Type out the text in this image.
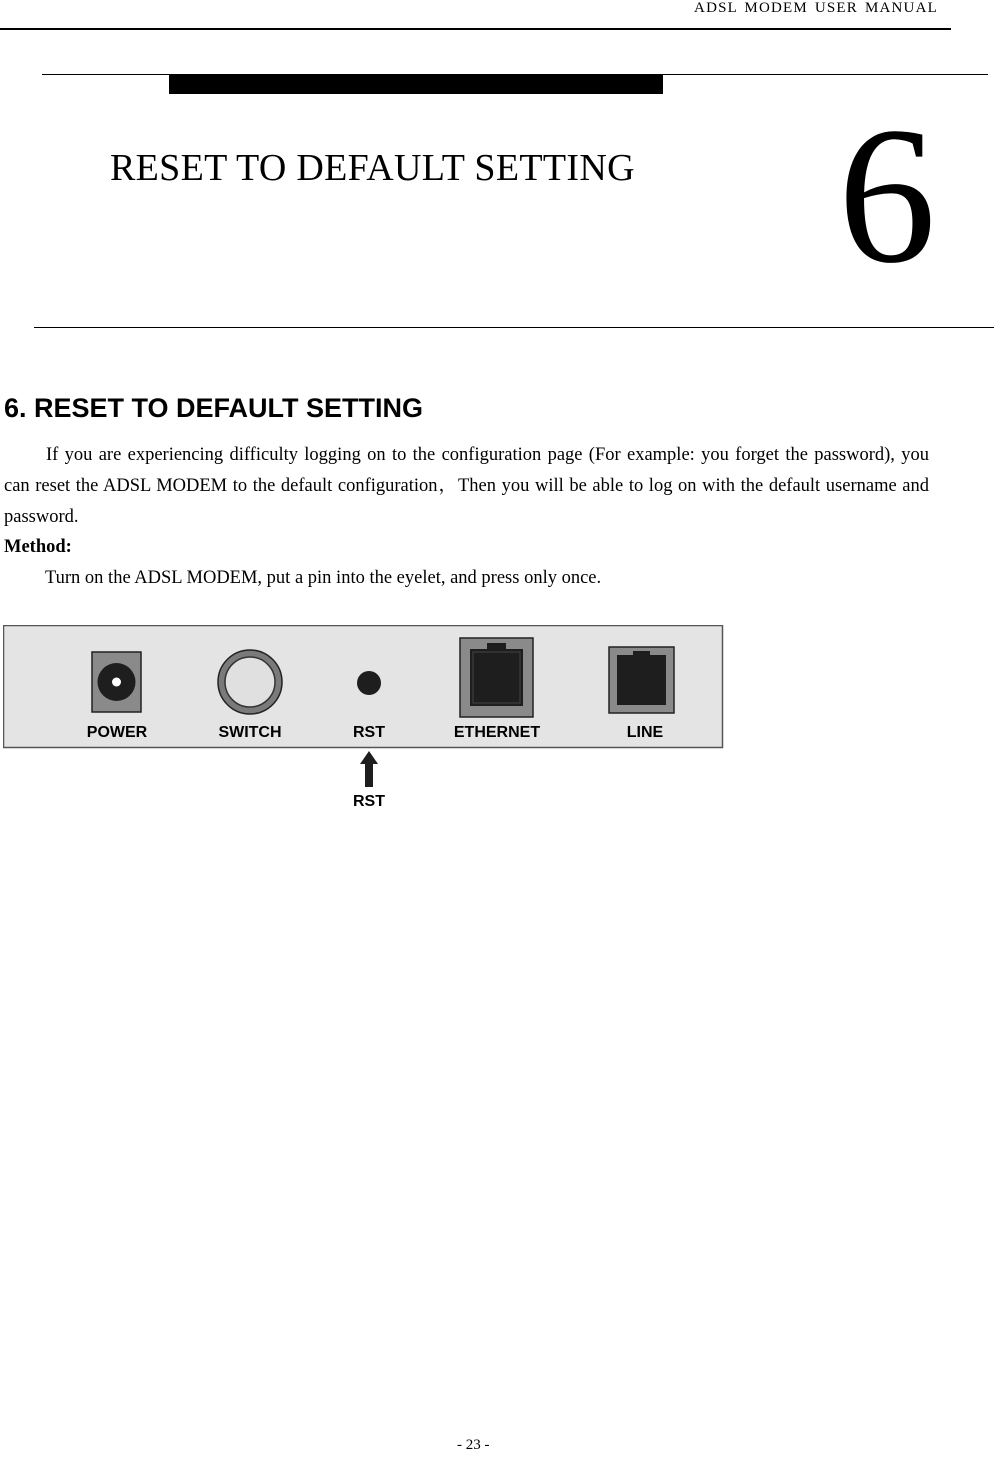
ADSL MODEM USER MANUAL
RESET TO DEFAULT SETTING 6
6. RESET TO DEFAULT SETTING
If you are experiencing difficulty logging on to the configuration page (For example: you forget the password), you can reset the ADSL MODEM to the default configuration，Then you will be able to log on with the default username and password.
Method:
Turn on the ADSL MODEM, put a pin into the eyelet, and press only once.
POWER	SWITCH	RST	ETHERNET	LINE
RST
- 23 -
